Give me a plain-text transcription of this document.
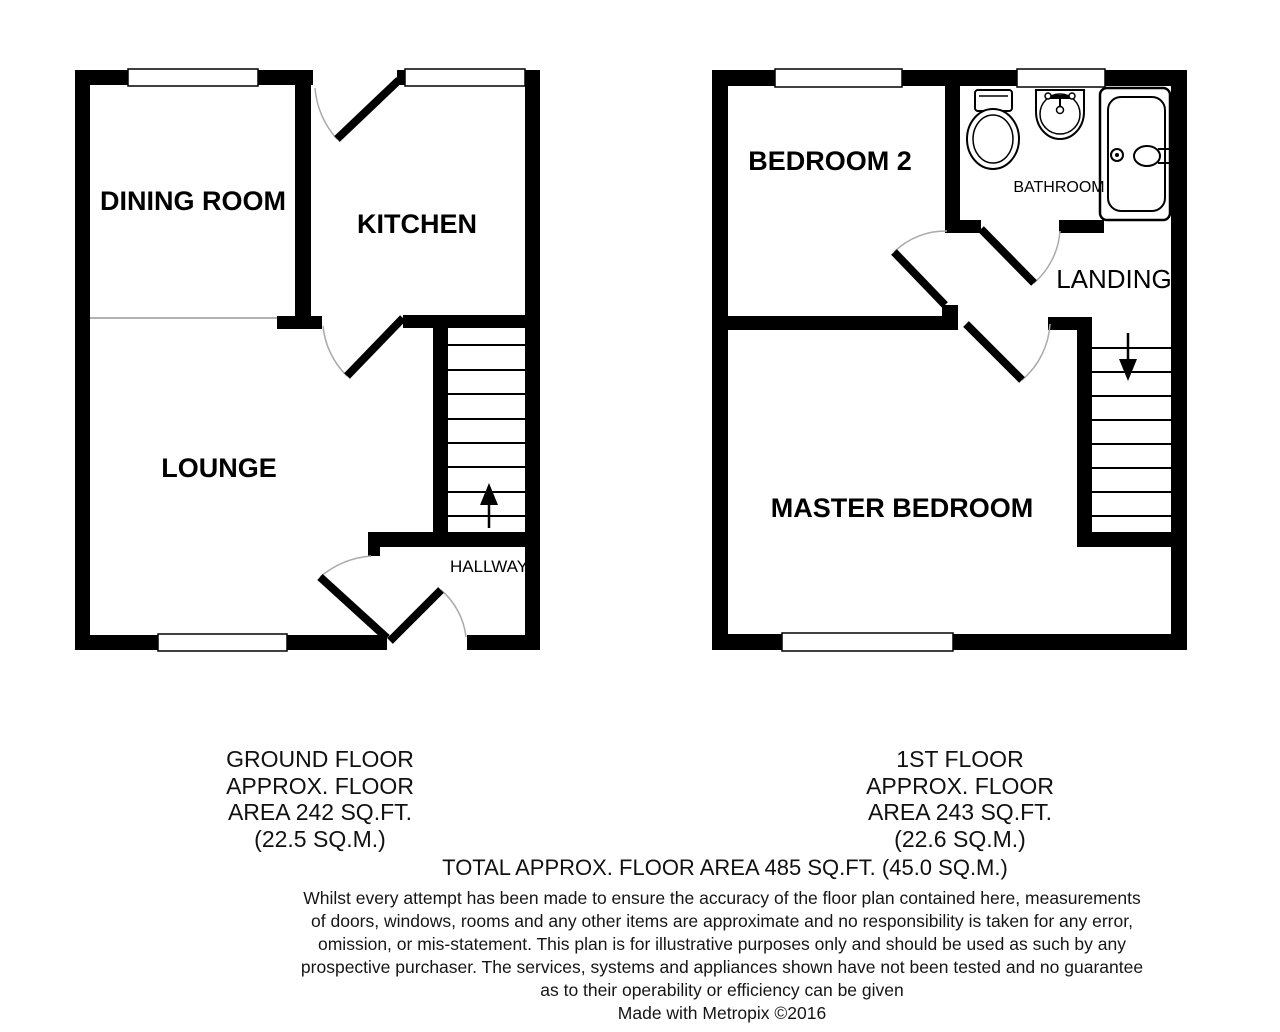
DINING ROOM
KITCHEN
LOUNGE
HALLWAY
BEDROOM 2
BATHROOM
LANDING
MASTER BEDROOM
GROUND FLOOR
APPROX. FLOOR
AREA 242 SQ.FT.
(22.5 SQ.M.)
1ST FLOOR
APPROX. FLOOR
AREA 243 SQ.FT.
(22.6 SQ.M.)
TOTAL APPROX. FLOOR AREA 485 SQ.FT. (45.0 SQ.M.)
Whilst every attempt has been made to ensure the accuracy of the floor plan contained here, measurements
of doors, windows, rooms and any other items are approximate and no responsibility is taken for any error,
omission, or mis-statement. This plan is for illustrative purposes only and should be used as such by any
prospective purchaser. The services, systems and appliances shown have not been tested and no guarantee
as to their operability or efficiency can be given
Made with Metropix ©2016
